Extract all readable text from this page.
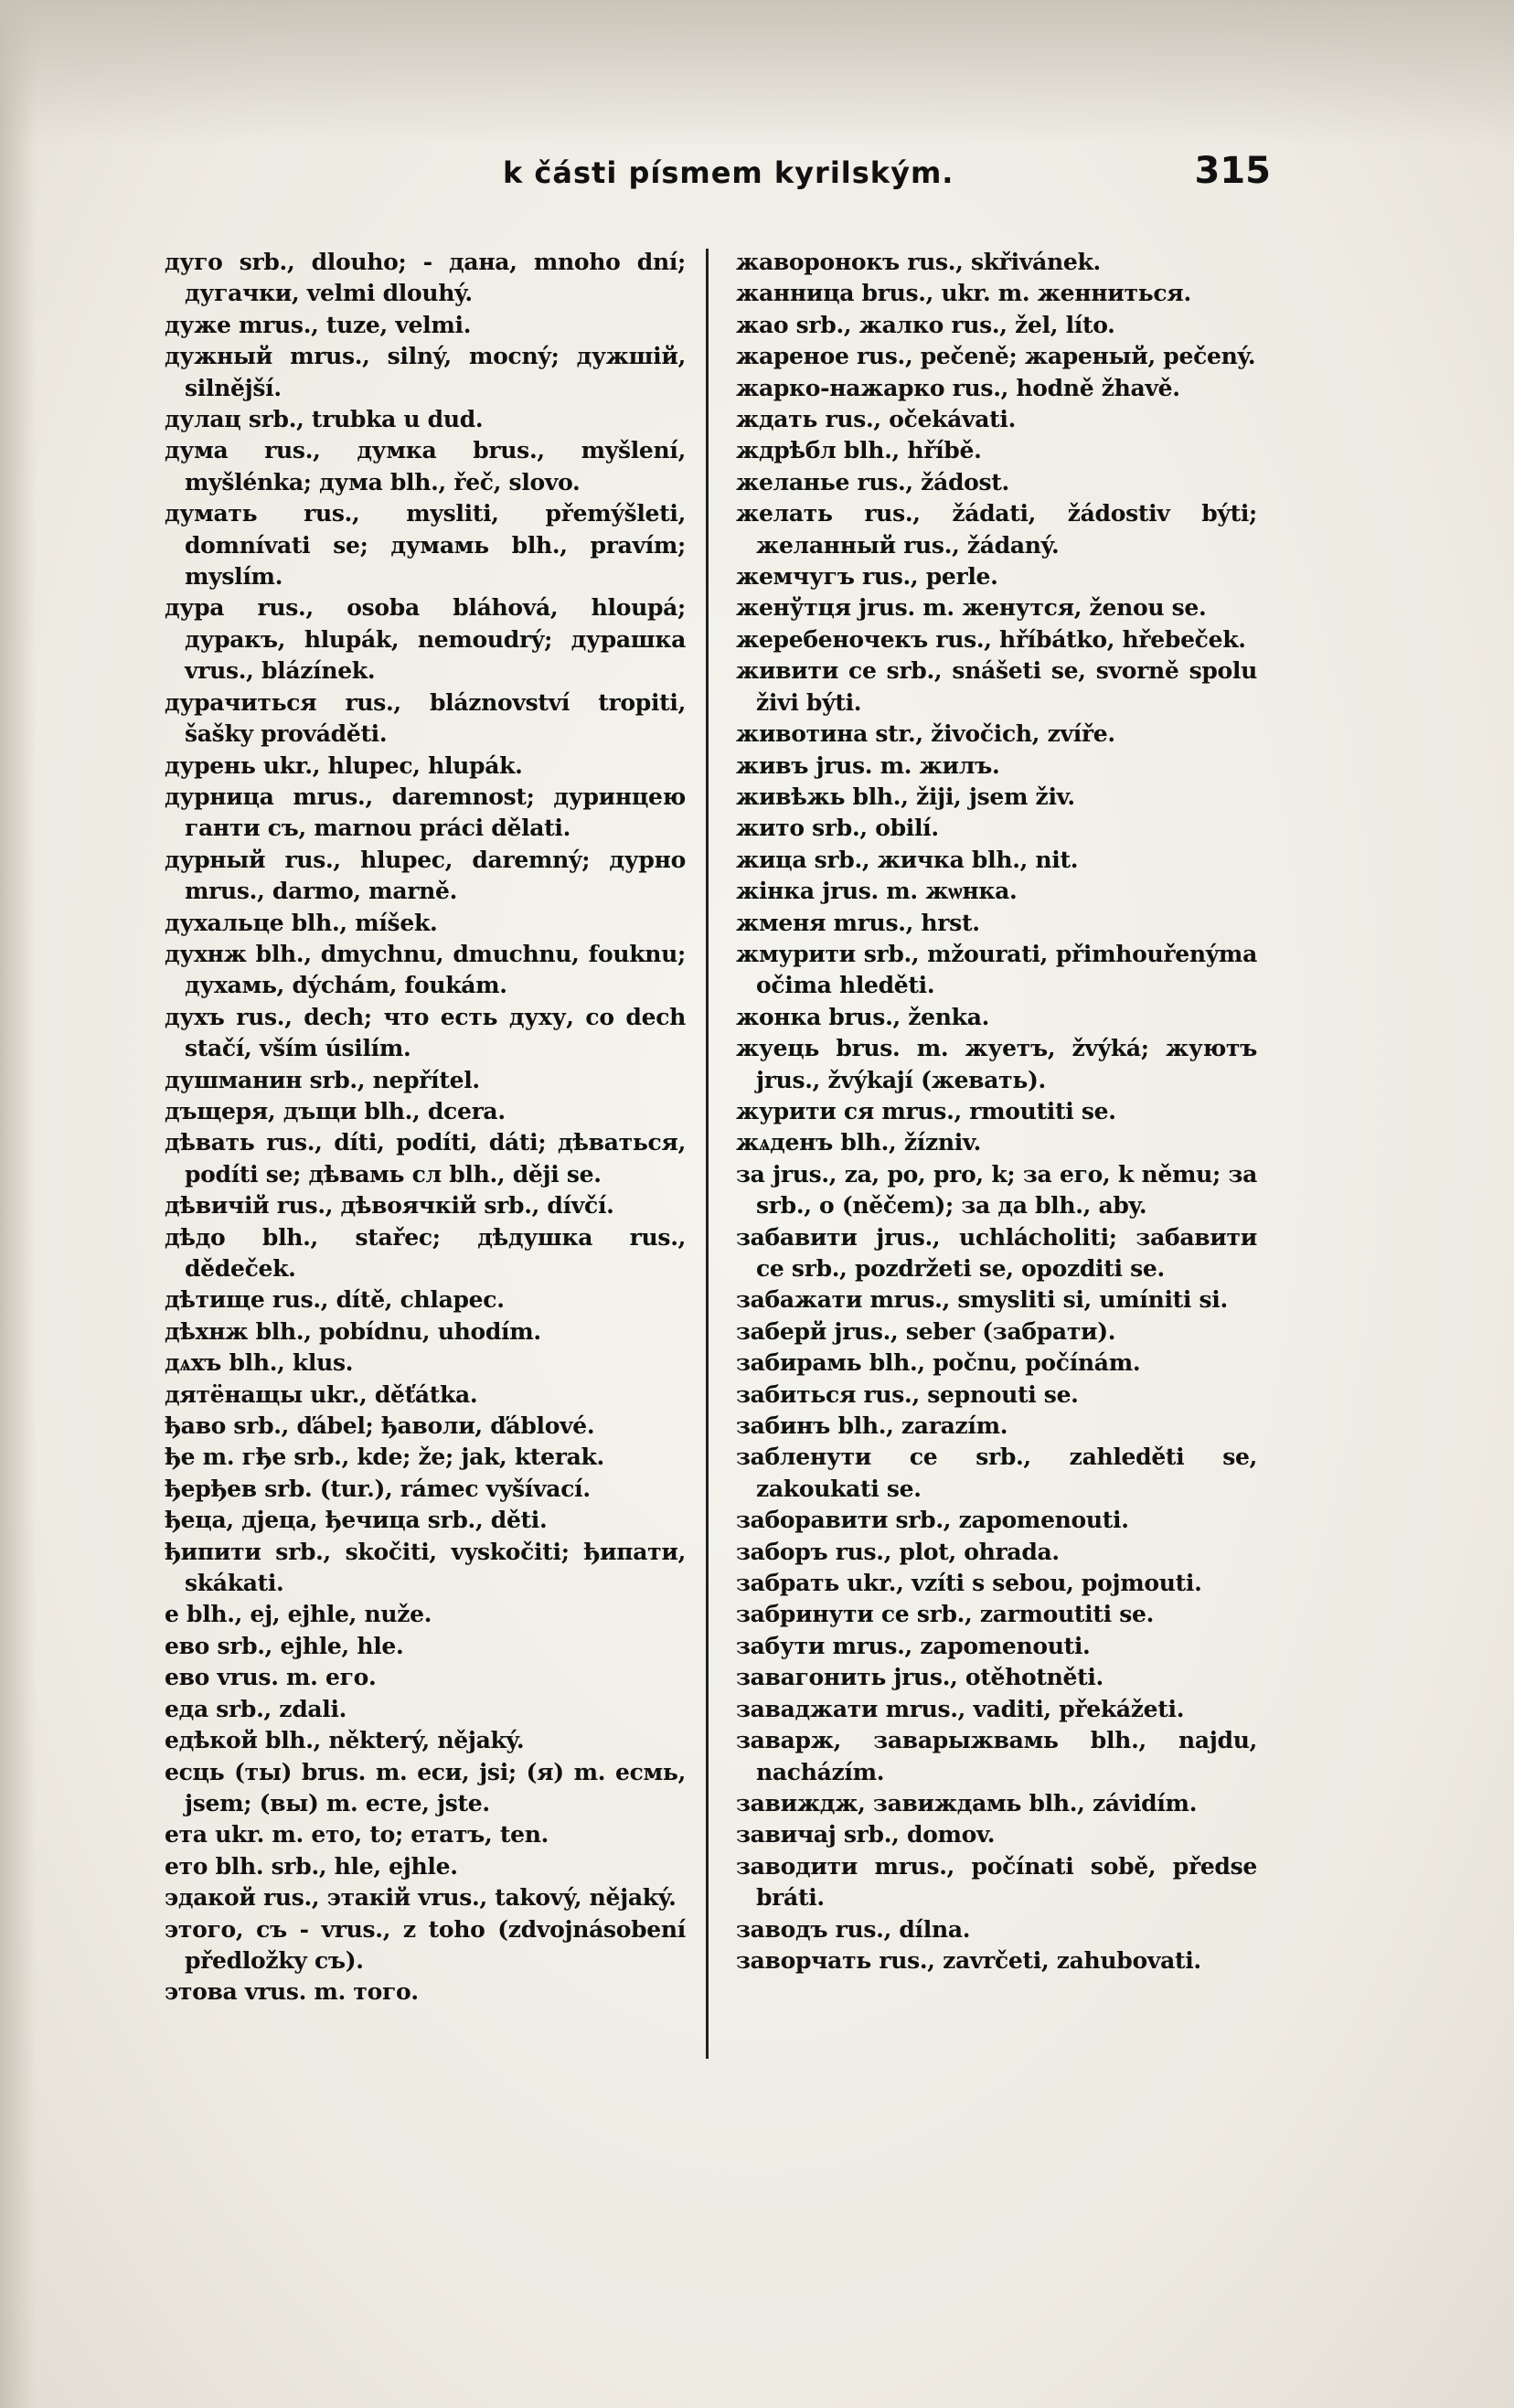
k části písmem kyrilským.	315
дуго srb., dlouho; - дана, mnoho dní; дугачки, velmi dlouhý.
дуже mrus., tuze, velmi.
дужный mrus., silný, mocný; дужшій, silnější.
дулац srb., trubka u dud.
дума rus., думка brus., myšlení, myšlénka; дума blh., řeč, slovo.
думать rus., mysliti, přemýšleti, domnívati se; думамь blh., pravím; myslím.
дура rus., osoba bláhová, hloupá; дуракъ, hlupák, nemoudrý; дурашка vrus., blázínek.
дурачиться rus., bláznovství tropiti, šašky prováděti.
дурень ukr., hlupec, hlupák.
дурница mrus., daremnost; дуринцею ганти съ, marnou práci dělati.
дурный rus., hlupec, daremný; дурно mrus., darmo, marně.
духальце blh., míšek.
духнж blh., dmychnu, dmuchnu, fouknu; духамь, dýchám, foukám.
духъ rus., dech; что есть духу, co dech stačí, vším úsilím.
душманин srb., nepřítel.
дъщеря, дъщи blh., dcera.
дѣвать rus., díti, podíti, dáti; дѣваться, podíti se; дѣвамь сл blh., ději se.
дѣвичій rus., дѣвоячкій srb., dívčí.
дѣдо blh., stařec; дѣдушка rus., dědeček.
дѣтище rus., dítě, chlapec.
дѣхнж blh., pobídnu, uhodím.
дѧхъ blh., klus.
дятёнащы ukr., děťátka.
ђаво srb., ďábel; ђаволи, ďáblové.
ђе m. гђе srb., kde; že; jak, kterak.
ђерђев srb. (tur.), rámec vyšívací.
ђеца, дјеца, ђечица srb., děti.
ђипити srb., skočiti, vyskočiti; ђипати, skákati.
е blh., ej, ejhle, nuže.
ево srb., ejhle, hle.
ево vrus. m. его.
еда srb., zdali.
едѣкой blh., některý, nějaký.
есць (ты) brus. m. еси, jsi; (я) m. есмь, jsem; (вы) m. есте, jste.
ета ukr. m. ето, to; етатъ, ten.
ето blh. srb., hle, ejhle.
эдакой rus., этакій vrus., takový, nějaký.
этого, съ - vrus., z toho (zdvojnásobení předložky съ).
этова vrus. m. того.
жаворонокъ rus., skřivánek.
жанница brus., ukr. m. женниться.
жао srb., жалко rus., žel, líto.
жареное rus., pečeně; жареный, pečený.
жарко-нажарко rus., hodně žhavě.
ждать rus., očekávati.
ждрѣбл blh., hříbě.
желанье rus., žádost.
желать rus., žádati, žádostiv býti; желанный rus., žádaný.
жемчугъ rus., perle.
женўтця jrus. m. женутся, ženou se.
жеребеночекъ rus., hříbátko, hřebeček.
живити се srb., snášeti se, svorně spolu živi býti.
животина str., živočich, zvíře.
живъ jrus. m. жилъ.
живѣжь blh., žiji, jsem živ.
жито srb., obilí.
жица srb., жичка blh., nit.
жінка jrus. m. жѡнка.
жменя mrus., hrst.
жмурити srb., mžourati, přimhouřenýma očima hleděti.
жонка brus., ženka.
жуець brus. m. жуетъ, žvýká; жуютъ jrus., žvýkají (жевать).
журити ся mrus., rmoutiti se.
жѧденъ blh., žízniv.
за jrus., za, po, pro, k; за его, k němu; за srb., o (něčem); за да blh., aby.
забавити jrus., uchlácholiti; забавити се srb., pozdržeti se, opozditi se.
забажати mrus., smysliti si, umíniti si.
заберй jrus., seber (забрати).
забирамь blh., počnu, počínám.
забиться rus., sepnouti se.
забинъ blh., zarazím.
забленути се srb., zahleděti se, zakoukati se.
заборавити srb., zapomenouti.
заборъ rus., plot, ohrada.
забрать ukr., vzíti s sebou, pojmouti.
забринути се srb., zarmoutiti se.
забути mrus., zapomenouti.
завагонить jrus., otěhotněti.
заваджати mrus., vaditi, překážeti.
заварж, заварыжвамь blh., najdu, nacházím.
завиждж, завиждамь blh., závidím.
завичај srb., domov.
заводити mrus., počínati sobě, předse bráti.
заводъ rus., dílna.
заворчать rus., zavrčeti, zahubovati.
